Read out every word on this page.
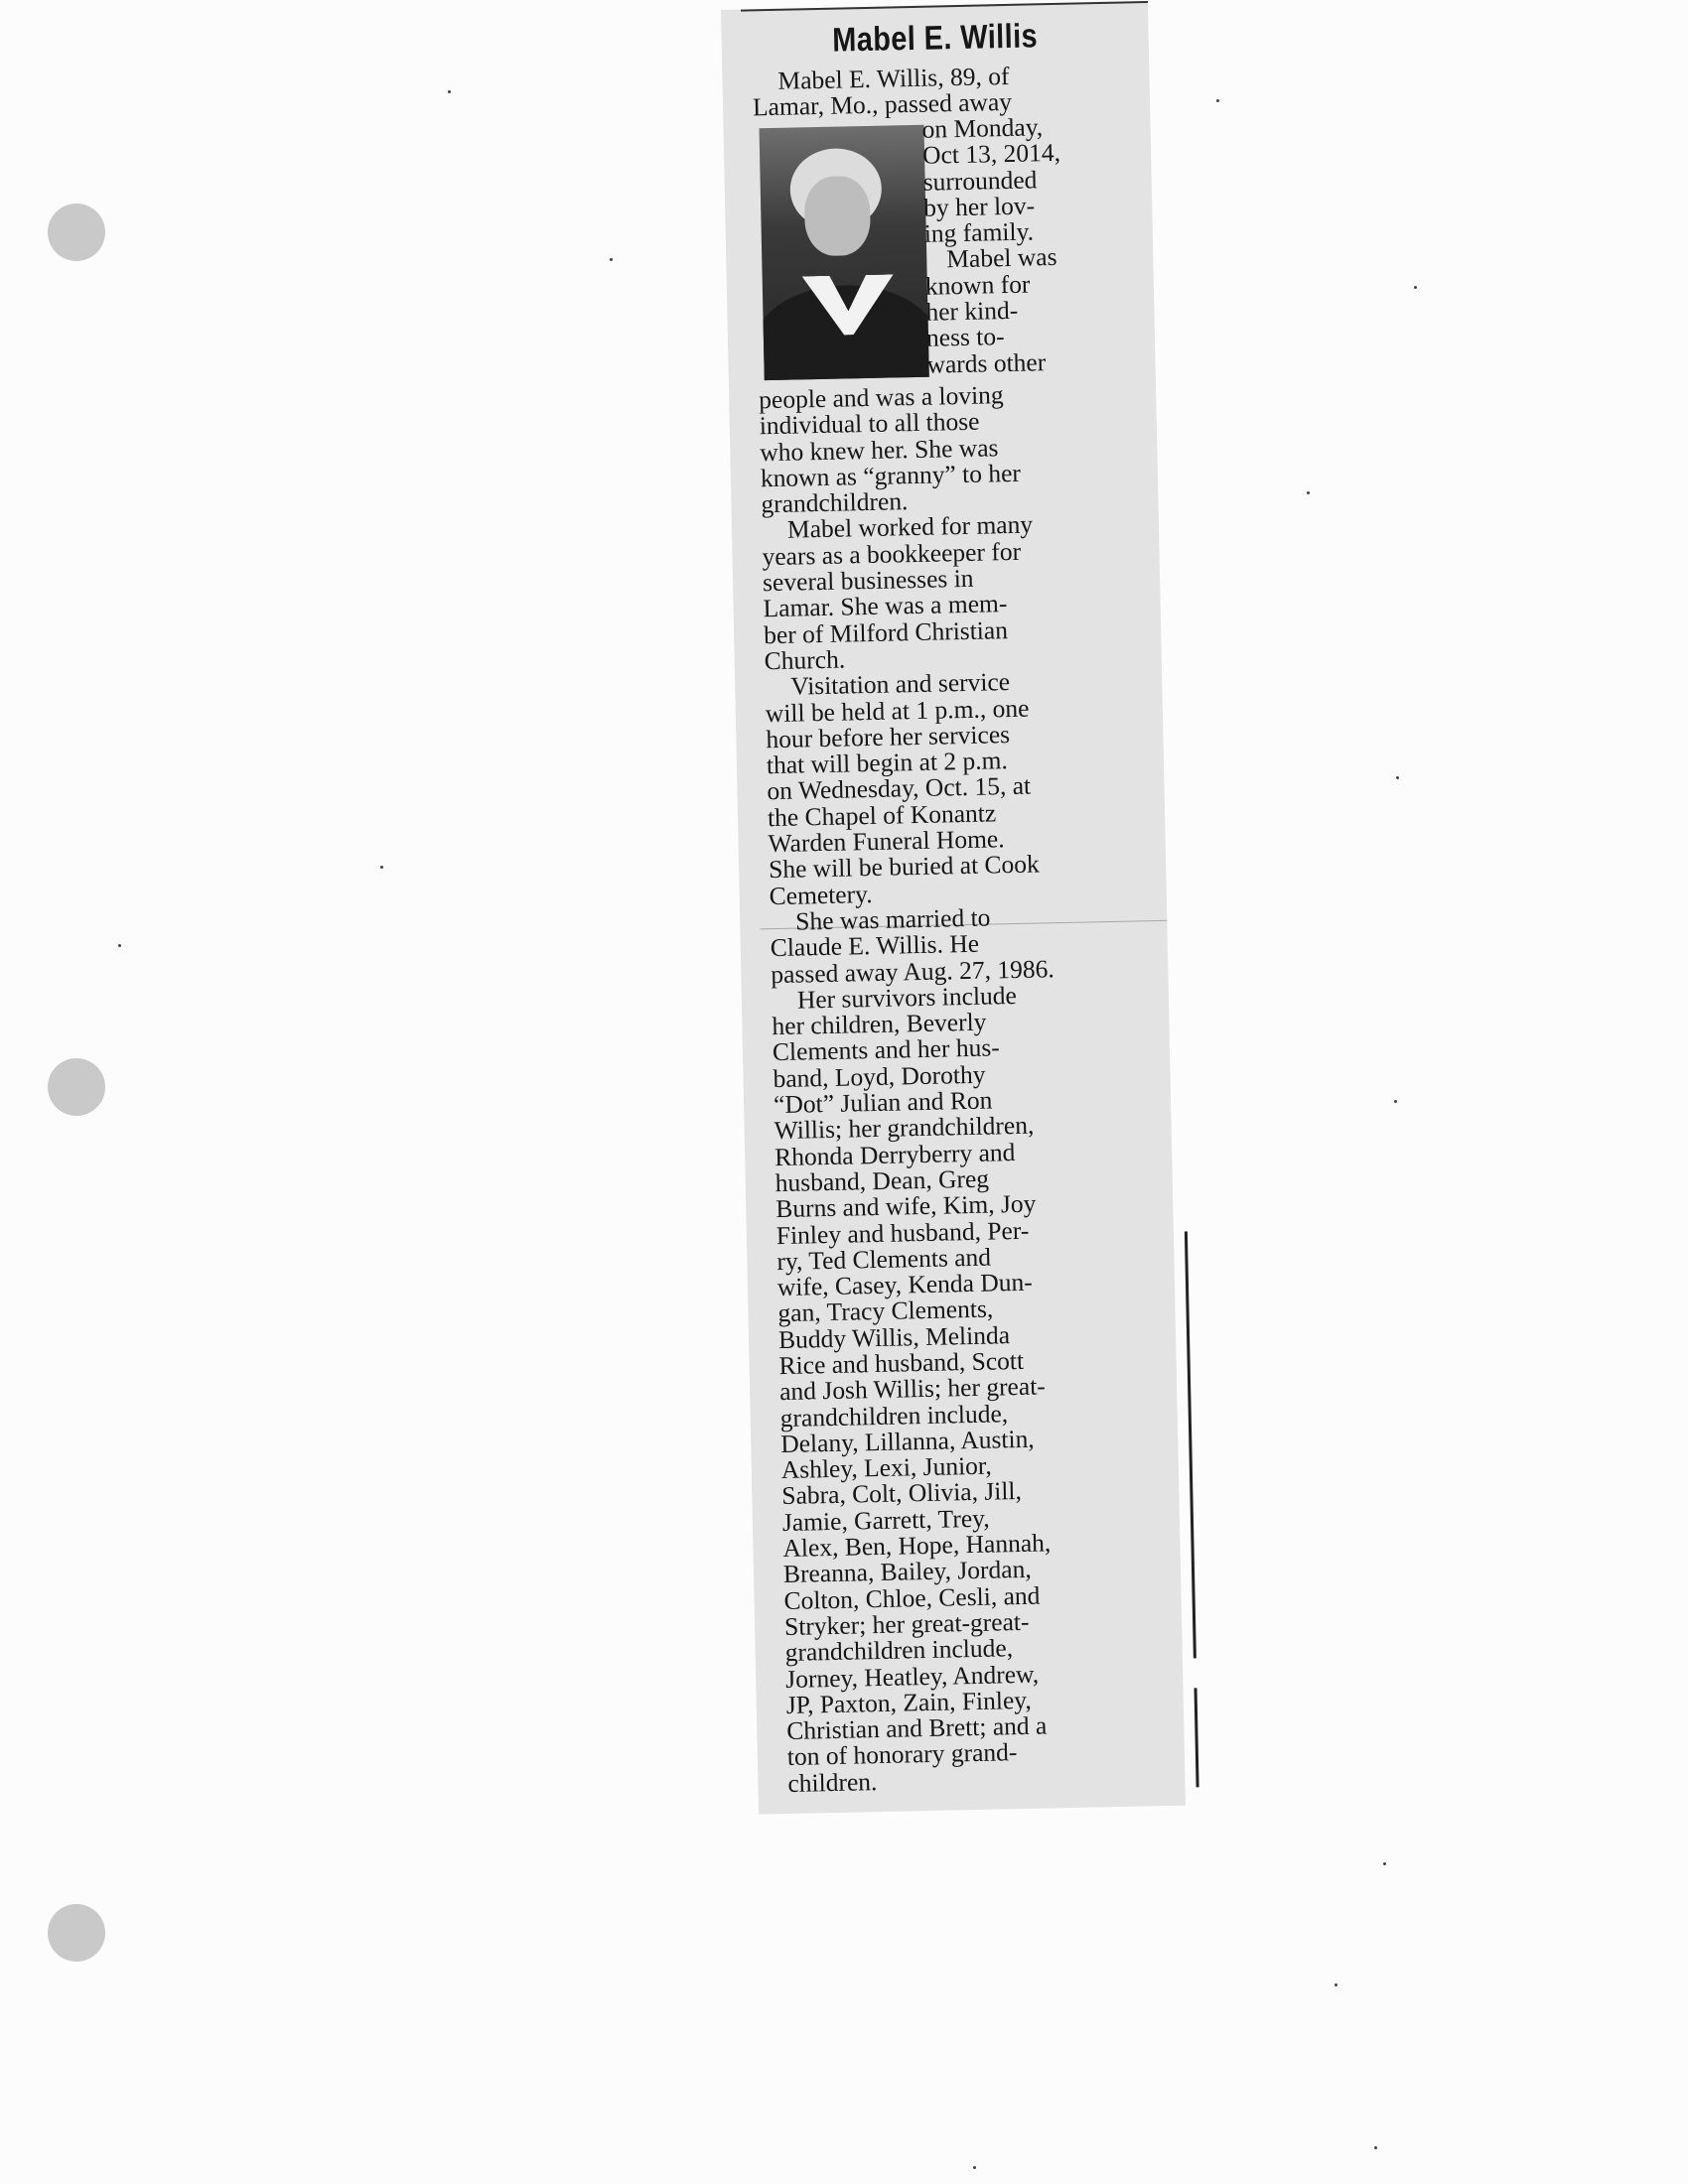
Mabel E. Willis
Mabel E. Willis, 89, of
Lamar, Mo., passed away
on Monday,
Oct 13, 2014,
surrounded
by her lov-
ing family.
Mabel was
known for
her kind-
ness to-
wards other
people and was a loving
individual to all those
who knew her. She was
known as “granny” to her
grandchildren.
Mabel worked for many
years as a bookkeeper for
several businesses in
Lamar. She was a mem-
ber of Milford Christian
Church.
Visitation and service
will be held at 1 p.m., one
hour before her services
that will begin at 2 p.m.
on Wednesday, Oct. 15, at
the Chapel of Konantz
Warden Funeral Home.
She will be buried at Cook
Cemetery.
She was married to
Claude E. Willis. He
passed away Aug. 27, 1986.
Her survivors include
her children, Beverly
Clements and her hus-
band, Loyd, Dorothy
“Dot” Julian and Ron
Willis; her grandchildren,
Rhonda Derryberry and
husband, Dean, Greg
Burns and wife, Kim, Joy
Finley and husband, Per-
ry, Ted Clements and
wife, Casey, Kenda Dun-
gan, Tracy Clements,
Buddy Willis, Melinda
Rice and husband, Scott
and Josh Willis; her great-
grandchildren include,
Delany, Lillanna, Austin,
Ashley, Lexi, Junior,
Sabra, Colt, Olivia, Jill,
Jamie, Garrett, Trey,
Alex, Ben, Hope, Hannah,
Breanna, Bailey, Jordan,
Colton, Chloe, Cesli, and
Stryker; her great-great-
grandchildren include,
Jorney, Heatley, Andrew,
JP, Paxton, Zain, Finley,
Christian and Brett; and a
ton of honorary grand-
children.
